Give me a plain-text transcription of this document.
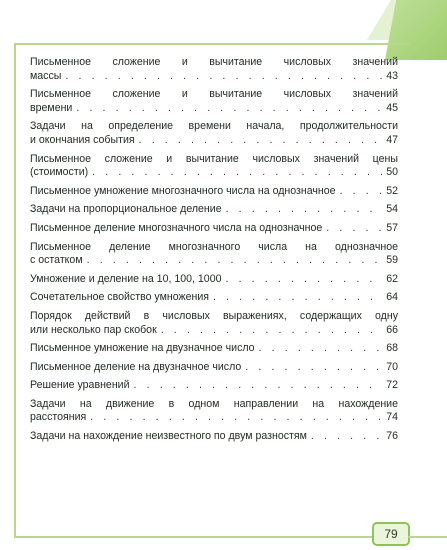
Письменное сложение и вычитание числовых значений
массы . . .	43
Письменное сложение и вычитание числовых значений
времени . . .	45
Задачи на определение времени начала, продолжительности
и окончания события . . .	47
Письменное сложение и вычитание числовых значений цены
(стоимости) . . .	50
Письменное умножение многозначного числа на однозначное . . .	52
Задачи на пропорциональное деление . . .	54
Письменное деление многозначного числа на однозначное . . .	57
Письменное деление многозначного числа на однозначное
с остатком . . .	59
Умножение и деление на 10, 100, 1000 . . .	62
Сочетательное свойство умножения . . .	64
Порядок действий в числовых выражениях, содержащих одну
или несколько пар скобок . . .	66
Письменное умножение на двузначное число . . .	68
Письменное деление на двузначное число . . .	70
Решение уравнений . . .	72
Задачи на движение в одном направлении на нахождение
расстояния . . .	74
Задачи на нахождение неизвестного по двум разностям . . .	76
79
